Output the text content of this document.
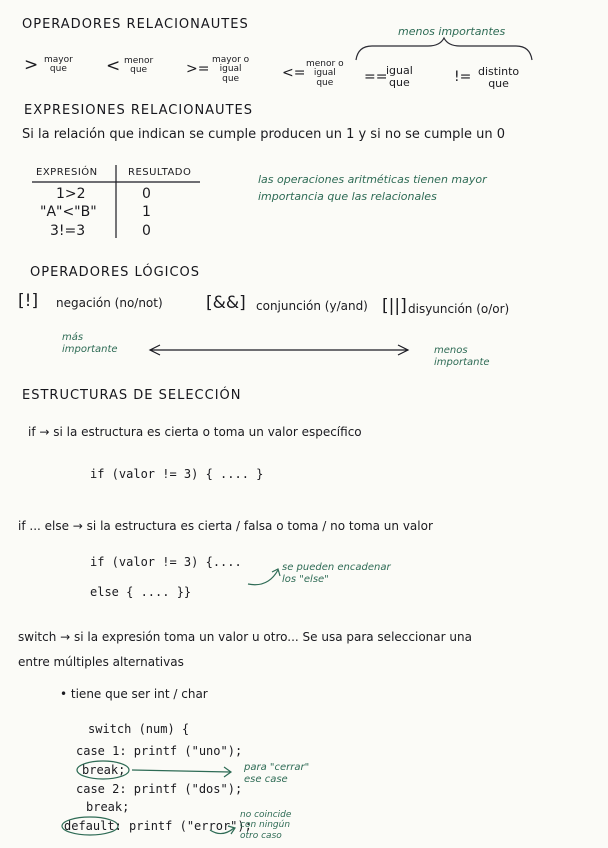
OPERADORES RELACIONAUTES	menos importantes
> mayor
que	< menor
que	>=
mayor o
igual
que	<=
menor o
igual
que	==
igual
que	!= distinto
que
EXPRESIONES RELACIONAUTES
Si la relación que indican se cumple producen un 1 y si no se cumple un 0
EXPRESIÓN	RESULTADO
1>2	0
"A"<"B"	1
3!=3	0
las operaciones aritméticas tienen mayor
importancia que las relacionales
OPERADORES LÓGICOS
[!] negación (no/not)	[&&] conjunción (y/and) [||] disyunción (o/or)
más
importante	menos
importante
ESTRUCTURAS DE SELECCIÓN
if → si la estructura es cierta o toma un valor específico
if (valor != 3) { .... }
if ... else → si la estructura es cierta / falsa o toma / no toma un valor
if (valor != 3) {....
else { .... }}
se pueden encadenar
los "else"
switch → si la expresión toma un valor u otro... Se usa para seleccionar una
entre múltiples alternativas
• tiene que ser int / char
switch (num) {
case 1: printf ("uno");
break;
case 2: printf ("dos");
break;
default: printf ("error");
para "cerrar"
ese case
no coincide
con ningún
otro caso
